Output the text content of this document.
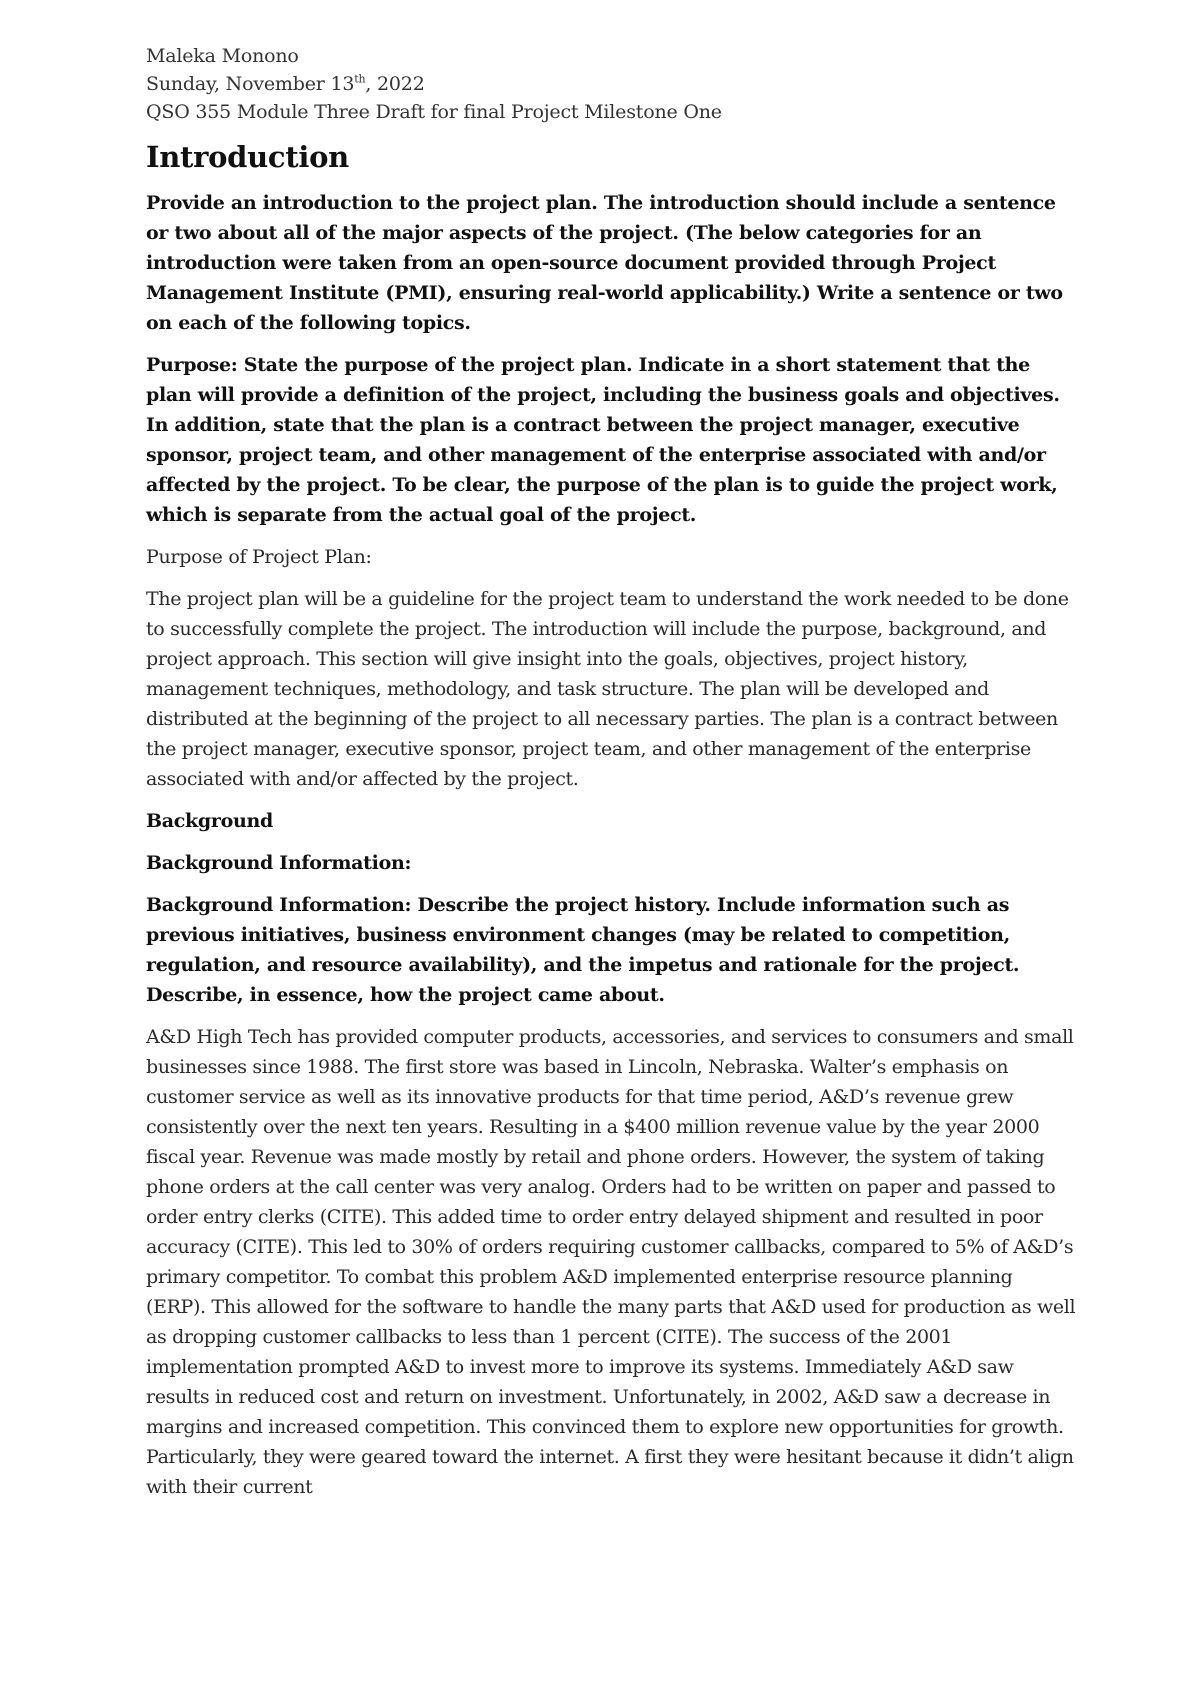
Maleka Monono

Sunday, November 13th, 2022

QSO 355 Module Three Draft for final Project Milestone One

Introduction

Provide an introduction to the project plan. The introduction should include a sentence or two about all of the major aspects of the project. (The below categories for an introduction were taken from an open-source document provided through Project Management Institute (PMI), ensuring real-world applicability.) Write a sentence or two on each of the following topics.

Purpose: State the purpose of the project plan. Indicate in a short statement that the plan will provide a definition of the project, including the business goals and objectives. In addition, state that the plan is a contract between the project manager, executive sponsor, project team, and other management of the enterprise associated with and/or affected by the project. To be clear, the purpose of the plan is to guide the project work, which is separate from the actual goal of the project.

Purpose of Project Plan:

The project plan will be a guideline for the project team to understand the work needed to be done to successfully complete the project. The introduction will include the purpose, background, and project approach. This section will give insight into the goals, objectives, project history, management techniques, methodology, and task structure. The plan will be developed and distributed at the beginning of the project to all necessary parties. The plan is a contract between the project manager, executive sponsor, project team, and other management of the enterprise associated with and/or affected by the project.

Background

Background Information:

Background Information: Describe the project history. Include information such as previous initiatives, business environment changes (may be related to competition, regulation, and resource availability), and the impetus and rationale for the project. Describe, in essence, how the project came about.

A&D High Tech has provided computer products, accessories, and services to consumers and small businesses since 1988. The first store was based in Lincoln, Nebraska. Walter’s emphasis on customer service as well as its innovative products for that time period, A&D’s revenue grew consistently over the next ten years. Resulting in a $400 million revenue value by the year 2000 fiscal year. Revenue was made mostly by retail and phone orders. However, the system of taking phone orders at the call center was very analog. Orders had to be written on paper and passed to order entry clerks (CITE). This added time to order entry delayed shipment and resulted in poor accuracy (CITE). This led to 30% of orders requiring customer callbacks, compared to 5% of A&D’s primary competitor. To combat this problem A&D implemented enterprise resource planning (ERP). This allowed for the software to handle the many parts that A&D used for production as well as dropping customer callbacks to less than 1 percent (CITE). The success of the 2001 implementation prompted A&D to invest more to improve its systems. Immediately A&D saw results in reduced cost and return on investment. Unfortunately, in 2002, A&D saw a decrease in margins and increased competition. This convinced them to explore new opportunities for growth. Particularly, they were geared toward the internet. A first they were hesitant because it didn’t align with their current
